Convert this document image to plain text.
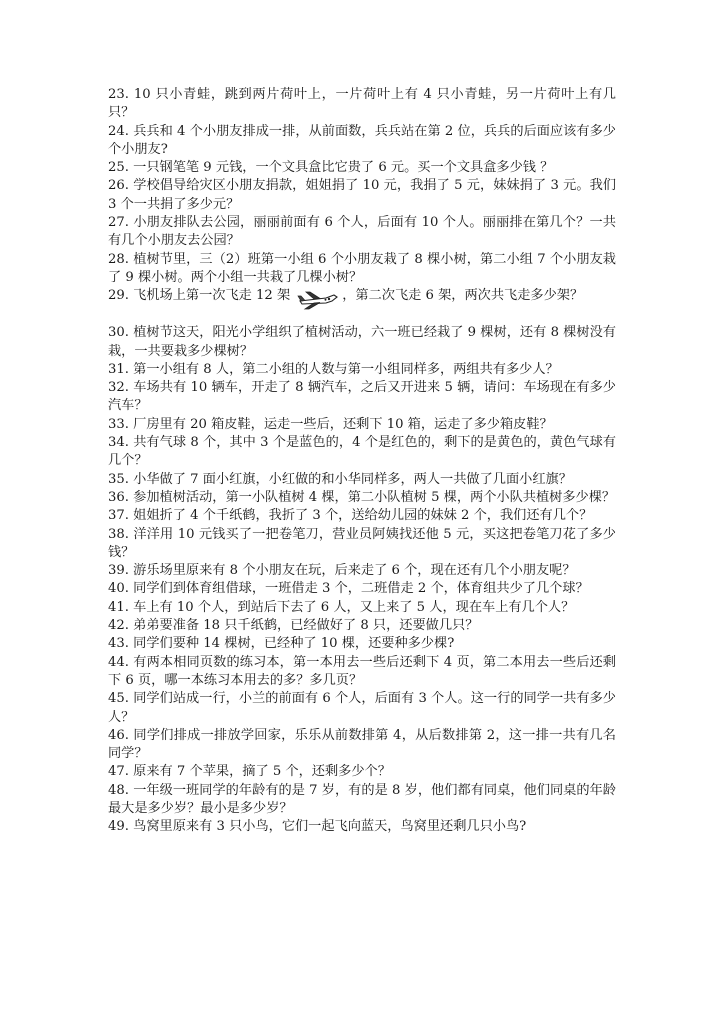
23. 10 只小青蛙，跳到两片荷叶上，一片荷叶上有 4 只小青蛙，另一片荷叶上有几只？

24. 兵兵和 4 个小朋友排成一排，从前面数，兵兵站在第 2 位，兵兵的后面应该有多少个小朋友?

25. 一只钢笔笔 9 元钱，一个文具盒比它贵了 6 元。买一个文具盒多少钱 ？

26. 学校倡导给灾区小朋友捐款，姐姐捐了 10 元，我捐了 5 元，妹妹捐了 3 元。我们 3 个一共捐了多少元？

27. 小朋友排队去公园，丽丽前面有 6 个人，后面有 10 个人。丽丽排在第几个？一共有几个小朋友去公园？

28. 植树节里，三（2）班第一小组 6 个小朋友栽了 8 棵小树，第二小组 7 个小朋友栽了 9 棵小树。两个小组一共栽了几棵小树？

29. 飞机场上第一次飞走 12 架	，第二次飞走 6 架，两次共飞走多少架？

30. 植树节这天，阳光小学组织了植树活动，六一班已经栽了 9 棵树，还有 8 棵树没有栽，一共要栽多少棵树？

31. 第一小组有 8 人，第二小组的人数与第一小组同样多，两组共有多少人？

32. 车场共有 10 辆车，开走了 8 辆汽车，之后又开进来 5 辆，请问：车场现在有多少汽车？

33. 厂房里有 20 箱皮鞋，运走一些后，还剩下 10 箱，运走了多少箱皮鞋？

34. 共有气球 8 个，其中 3 个是蓝色的，4 个是红色的，剩下的是黄色的，黄色气球有几个？

35. 小华做了 7 面小红旗，小红做的和小华同样多，两人一共做了几面小红旗？

36. 参加植树活动，第一小队植树 4 棵，第二小队植树 5 棵，两个小队共植树多少棵？

37. 姐姐折了 4 个千纸鹤，我折了 3 个，送给幼儿园的妹妹 2 个，我们还有几个？

38. 洋洋用 10 元钱买了一把卷笔刀，营业员阿姨找还他 5 元，买这把卷笔刀花了多少钱？

39. 游乐场里原来有 8 个小朋友在玩，后来走了 6 个，现在还有几个小朋友呢？

40. 同学们到体育组借球，一班借走 3 个，二班借走 2 个，体育组共少了几个球？

41. 车上有 10 个人，到站后下去了 6 人，又上来了 5 人，现在车上有几个人？

42. 弟弟要准备 18 只千纸鹤，已经做好了 8 只，还要做几只？

43. 同学们要种 14 棵树，已经种了 10 棵，还要种多少棵?

44. 有两本相同页数的练习本，第一本用去一些后还剩下 4 页，第二本用去一些后还剩下 6 页，哪一本练习本用去的多？多几页？

45. 同学们站成一行，小兰的前面有 6 个人，后面有 3 个人。这一行的同学一共有多少人？

46. 同学们排成一排放学回家，乐乐从前数排第 4，从后数排第 2，这一排一共有几名同学？

47. 原来有 7 个苹果，摘了 5 个，还剩多少个？

48. 一年级一班同学的年龄有的是 7 岁，有的是 8 岁，他们都有同桌，他们同桌的年龄最大是多少岁？最小是多少岁？

49. 鸟窝里原来有 3 只小鸟，它们一起飞向蓝天，鸟窝里还剩几只小鸟?
